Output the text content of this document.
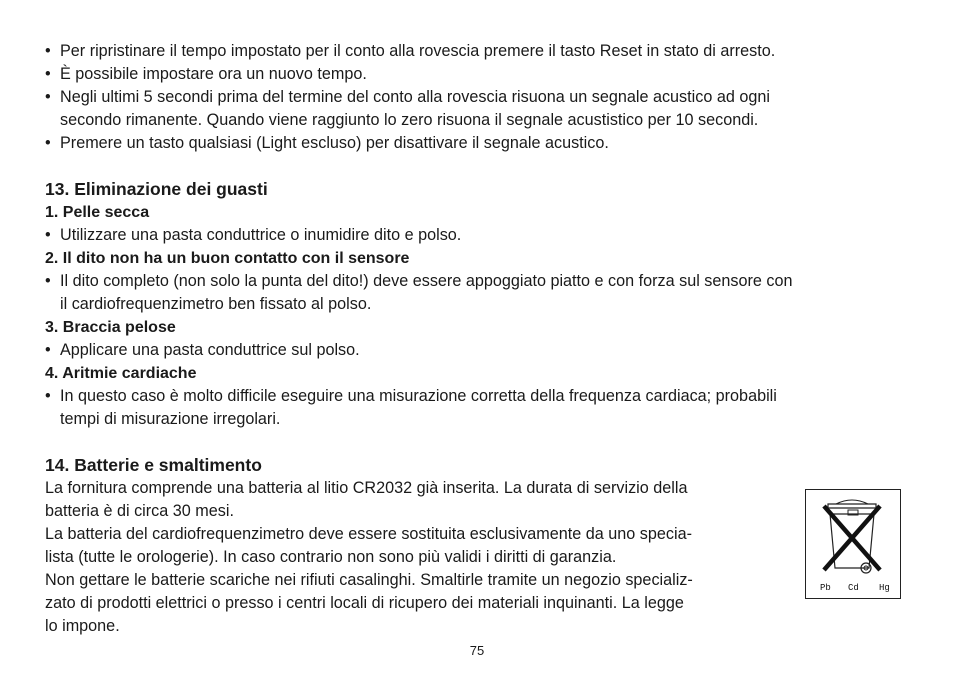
• Per ripristinare il tempo impostato per il conto alla rovescia premere il tasto Reset in stato di arresto.
• È possibile impostare ora un nuovo tempo.
• Negli ultimi 5 secondi prima del termine del conto alla rovescia risuona un segnale acustico ad ogni
secondo rimanente. Quando viene raggiunto lo zero risuona il segnale acustistico per 10 secondi.
• Premere un tasto qualsiasi (Light escluso) per disattivare il segnale acustico.
13. Eliminazione dei guasti
1. Pelle secca
• Utilizzare una pasta conduttrice o inumidire dito e polso.
2. Il dito non ha un buon contatto con il sensore
• Il dito completo (non solo la punta del dito!) deve essere appoggiato piatto e con forza sul sensore con
il cardiofrequenzimetro ben fissato al polso.
3. Braccia pelose
• Applicare una pasta conduttrice sul polso.
4. Aritmie cardiache
• In questo caso è molto difficile eseguire una misurazione corretta della frequenza cardiaca; probabili
tempi di misurazione irregolari.
14. Batterie e smaltimento
La fornitura comprende una batteria al litio CR2032 già inserita. La durata di servizio della
batteria è di circa 30 mesi.
La batteria del cardiofrequenzimetro deve essere sostituita esclusivamente da uno specia-
lista (tutte le orologerie). In caso contrario non sono più validi i diritti di garanzia.
Non gettare le batterie scariche nei rifiuti casalinghi. Smaltirle tramite un negozio specializ-
zato di prodotti elettrici o presso i centri locali di ricupero dei materiali inquinanti. La legge
lo impone.
Pb Cd Hg
75
